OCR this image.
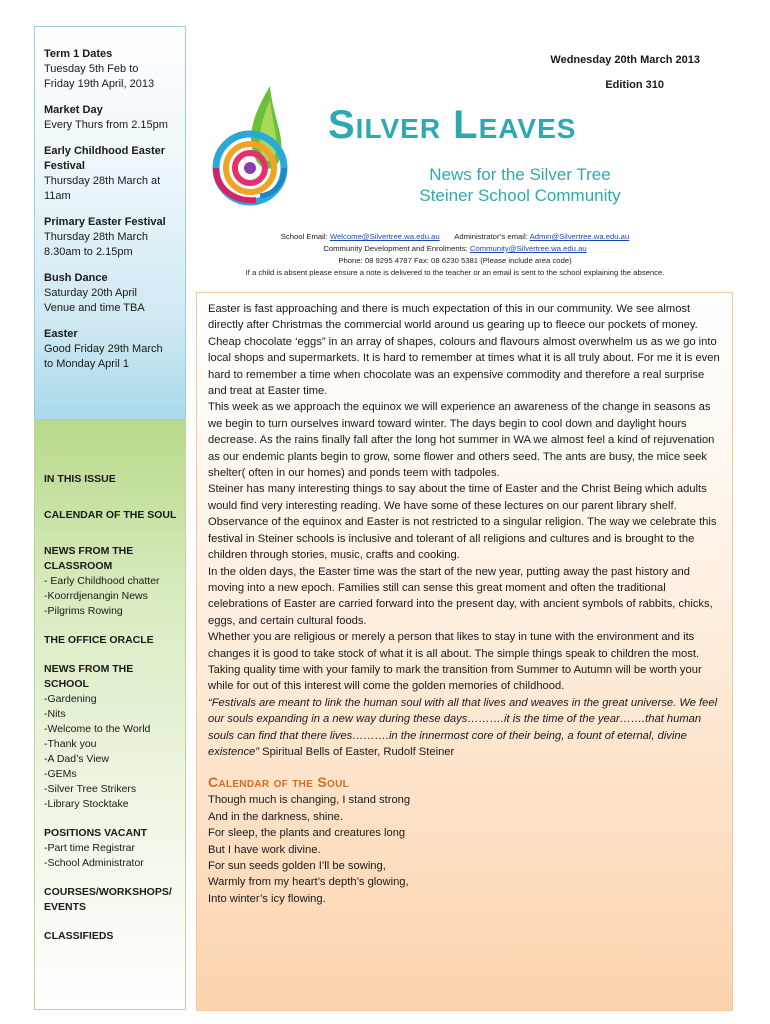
Term 1 Dates
Tuesday 5th Feb to
Friday 19th April, 2013
Market Day
Every Thurs from 2.15pm
Early Childhood Easter Festival
Thursday 28th March at 11am
Primary Easter Festival
Thursday 28th March
8.30am to 2.15pm
Bush Dance
Saturday 20th April
Venue and time TBA
Easter
Good Friday 29th March
to Monday April 1
IN THIS ISSUE
CALENDAR OF THE SOUL
NEWS FROM THE CLASSROOM
- Early Childhood chatter
-Koorrdjenangin News
-Pilgrims Rowing
THE OFFICE ORACLE
NEWS FROM THE SCHOOL
-Gardening
-Nits
-Welcome to the World
-Thank you
-A Dad’s View
-GEMs
-Silver Tree Strikers
-Library Stocktake
POSITIONS VACANT
-Part time Registrar
-School Administrator
COURSES/WORKSHOPS/ EVENTS
CLASSIFIEDS
Wednesday 20th March 2013
Edition 310
Silver Leaves
News for the Silver Tree
Steiner School Community
School Email: Welcome@Silvertree.wa.edu.au Administrator’s email: Admin@Silvertree.wa.edu.au
Community Development and Enrolments: Community@Silvertree.wa.edu.au
Phone: 08 9295 4787 Fax: 08 6230 5381 (Please include area code)
If a child is absent please ensure a note is delivered to the teacher or an email is sent to the school explaining the absence.

Easter is fast approaching and there is much expectation of this in our community. We see almost directly after Christmas the commercial world around us gearing up to fleece our pockets of money. Cheap chocolate ‘eggs” in an array of shapes, colours and flavours almost overwhelm us as we go into local shops and supermarkets. It is hard to remember at times what it is all truly about. For me it is even hard to remember a time when chocolate was an expensive commodity and therefore a real surprise and treat at Easter time.

This week as we approach the equinox we will experience an awareness of the change in seasons as we begin to turn ourselves inward toward winter. The days begin to cool down and daylight hours decrease. As the rains finally fall after the long hot summer in WA we almost feel a kind of rejuvenation as our endemic plants begin to grow, some flower and others seed. The ants are busy, the mice seek shelter( often in our homes) and ponds teem with tadpoles.

Steiner has many interesting things to say about the time of Easter and the Christ Being which adults would find very interesting reading. We have some of these lectures on our parent library shelf. Observance of the equinox and Easter is not restricted to a singular religion. The way we celebrate this festival in Steiner schools is inclusive and tolerant of all religions and cultures and is brought to the children through stories, music, crafts and cooking.

In the olden days, the Easter time was the start of the new year, putting away the past history and moving into a new epoch. Families still can sense this great moment and often the traditional celebrations of Easter are carried forward into the present day, with ancient symbols of rabbits, chicks, eggs, and certain cultural foods.

Whether you are religious or merely a person that likes to stay in tune with the environment and its changes it is good to take stock of what it is all about. The simple things speak to children the most. Taking quality time with your family to mark the transition from Summer to Autumn will be worth your while for out of this interest will come the golden memories of childhood.

“Festivals are meant to link the human soul with all that lives and weaves in the great universe. We feel our souls expanding in a new way during these days……….it is the time of the year…….that human souls can find that there lives……….in the innermost core of their being, a fount of eternal, divine existence” Spiritual Bells of Easter, Rudolf Steiner

Calendar of the Soul
Though much is changing, I stand strong
And in the darkness, shine.
For sleep, the plants and creatures long
But I have work divine.
For sun seeds golden I’ll be sowing,
Warmly from my heart’s depth’s glowing,
Into winter’s icy flowing.
